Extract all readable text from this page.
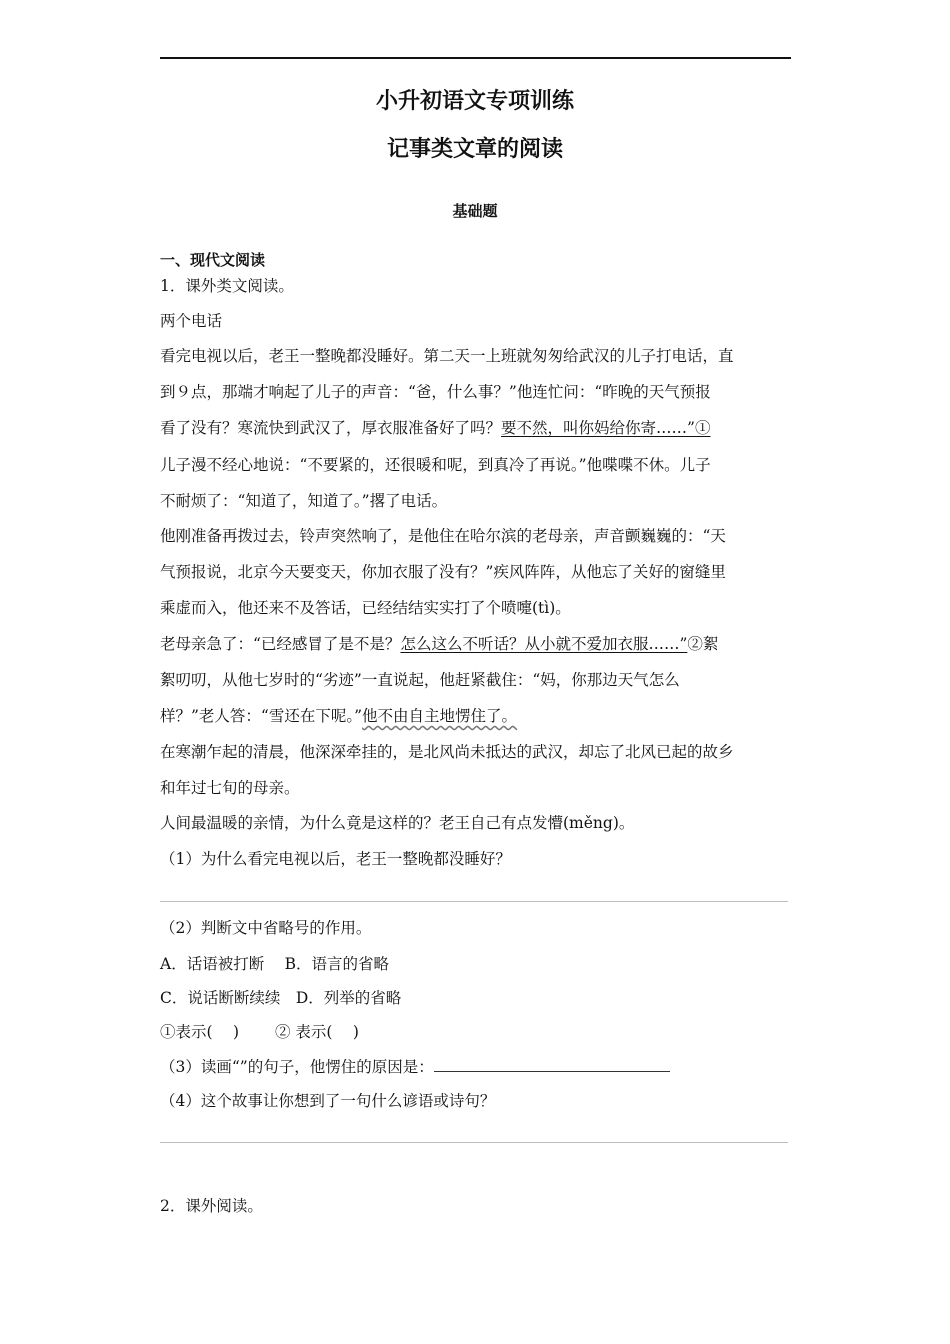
小升初语文专项训练
记事类文章的阅读
基础题
一、现代文阅读
1．课外类文阅读。
两个电话
看完电视以后，老王一整晚都没睡好。第二天一上班就匆匆给武汉的儿子打电话，直
到９点，那端才响起了儿子的声音：“爸，什么事？”他连忙问：“昨晚的天气预报
看了没有？寒流快到武汉了，厚衣服准备好了吗？要不然，叫你妈给你寄……”①
儿子漫不经心地说：“不要紧的，还很暖和呢，到真冷了再说。”他喋喋不休。儿子
不耐烦了：“知道了，知道了。”撂了电话。
他刚准备再拨过去，铃声突然响了，是他住在哈尔滨的老母亲，声音颤巍巍的：“天
气预报说，北京今天要变天，你加衣服了没有？”疾风阵阵，从他忘了关好的窗缝里
乘虚而入，他还来不及答话，已经结结实实打了个喷嚏(tì)。
老母亲急了：“已经感冒了是不是？怎么这么不听话？从小就不爱加衣服……”②絮
絮叨叨，从他七岁时的“劣迹”一直说起，他赶紧截住：“妈，你那边天气怎么
样？”老人答：“雪还在下呢。”他不由自主地愣住了。
在寒潮乍起的清晨，他深深牵挂的，是北风尚未抵达的武汉，却忘了北风已起的故乡
和年过七旬的母亲。
人间最温暖的亲情，为什么竟是这样的？老王自己有点发懵(měng)。
（1）为什么看完电视以后，老王一整晚都没睡好？
（2）判断文中省略号的作用。
A．话语被打断　 B．语言的省略
C．说话断断续续　D．列举的省略
①表示(　 )　　 ② 表示(　 )
（3）读画“”的句子，他愣住的原因是：
（4）这个故事让你想到了一句什么谚语或诗句？
2．课外阅读。
